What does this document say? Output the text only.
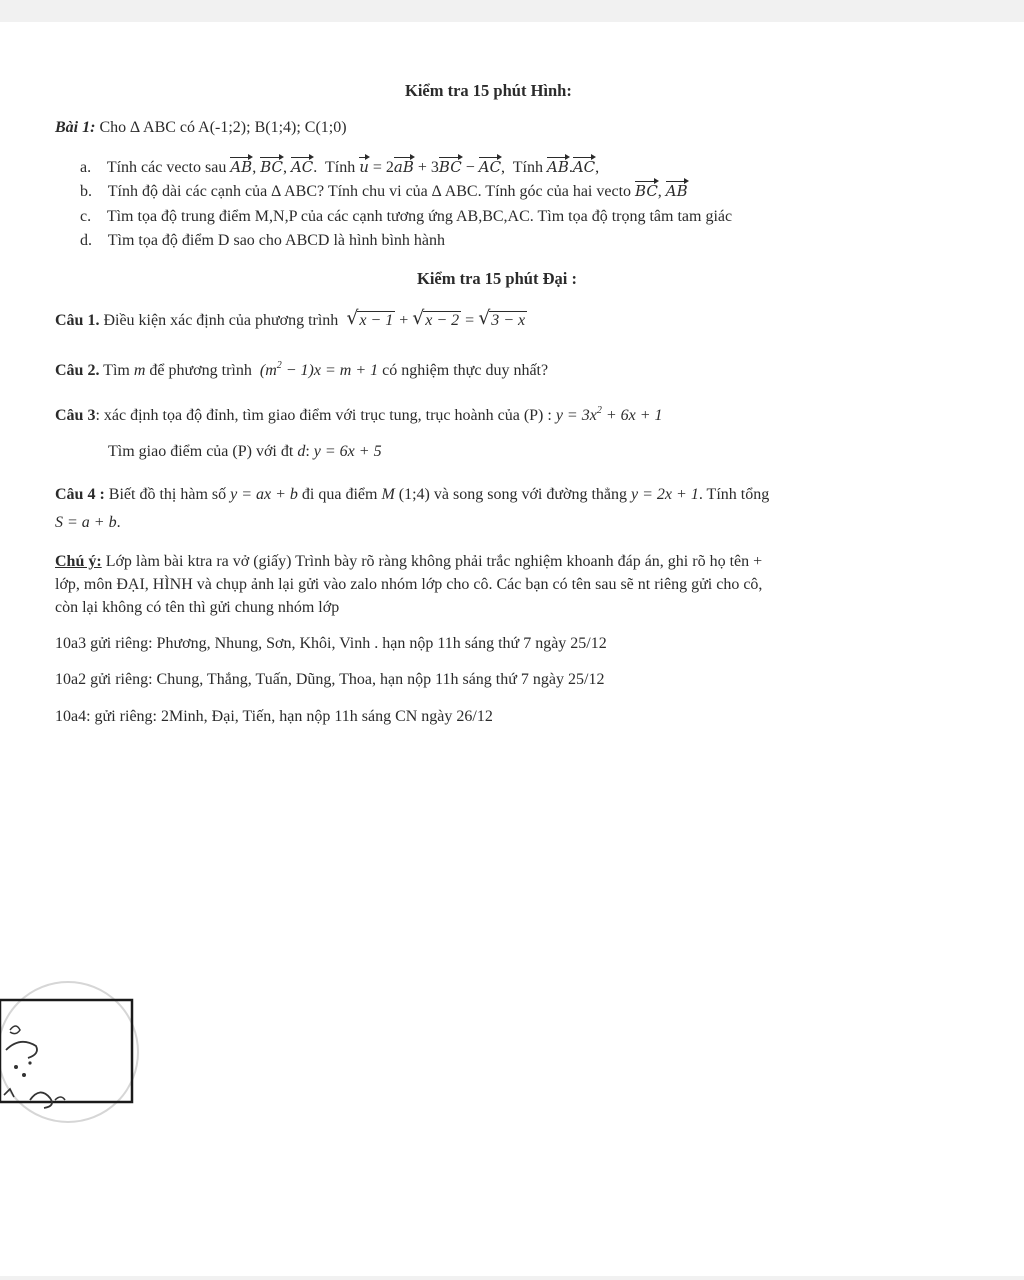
Kiểm tra 15 phút Hình:
Bài 1: Cho ∆ ABC có A(-1;2); B(1;4); C(1;0)
a. Tính các vecto sau AB, BC, AC.  Tính u = 2aB + 3BC − AC,  Tính AB.AC,
b. Tính độ dài các cạnh của ∆ ABC? Tính chu vi của ∆ ABC. Tính góc của hai vecto BC, AB
c. Tìm tọa độ trung điểm M,N,P của các cạnh tương ứng AB,BC,AC. Tìm tọa độ trọng tâm tam giác
d. Tìm tọa độ điểm D sao cho ABCD là hình bình hành
Kiểm tra 15 phút Đại :
Câu 1. Điều kiện xác định của phương trình √ x − 1 + √ x − 2 = √ 3 − x
Câu 2. Tìm m để phương trình $(m^2 - 1)x = m + 1$ có nghiệm thực duy nhất?
Câu 3: xác định tọa độ đỉnh, tìm giao điểm với trục tung, trục hoành của (P) : $y = 3x^2 + 6x + 1$
Tìm giao điểm của (P) với đt d: y = 6x + 5
Câu 4 : Biết đồ thị hàm số y = ax + b đi qua điểm M (1;4) và song song với đường thẳng y = 2x + 1. Tính tổng
S = a + b.
Chú ý: Lớp làm bài ktra ra vở (giấy) Trình bày rõ ràng không phải trắc nghiệm khoanh đáp án, ghi rõ họ tên +
lớp, môn ĐẠI, HÌNH và chụp ảnh lại gửi vào zalo nhóm lớp cho cô. Các bạn có tên sau sẽ nt riêng gửi cho cô,
còn lại không có tên thì gửi chung nhóm lớp
10a3 gửi riêng: Phương, Nhung, Sơn, Khôi, Vinh . hạn nộp 11h sáng thứ 7 ngày 25/12
10a2 gửi riêng: Chung, Thắng, Tuấn, Dũng, Thoa, hạn nộp 11h sáng thứ 7 ngày 25/12
10a4: gửi riêng: 2Minh, Đại, Tiến, hạn nộp 11h sáng CN ngày 26/12
